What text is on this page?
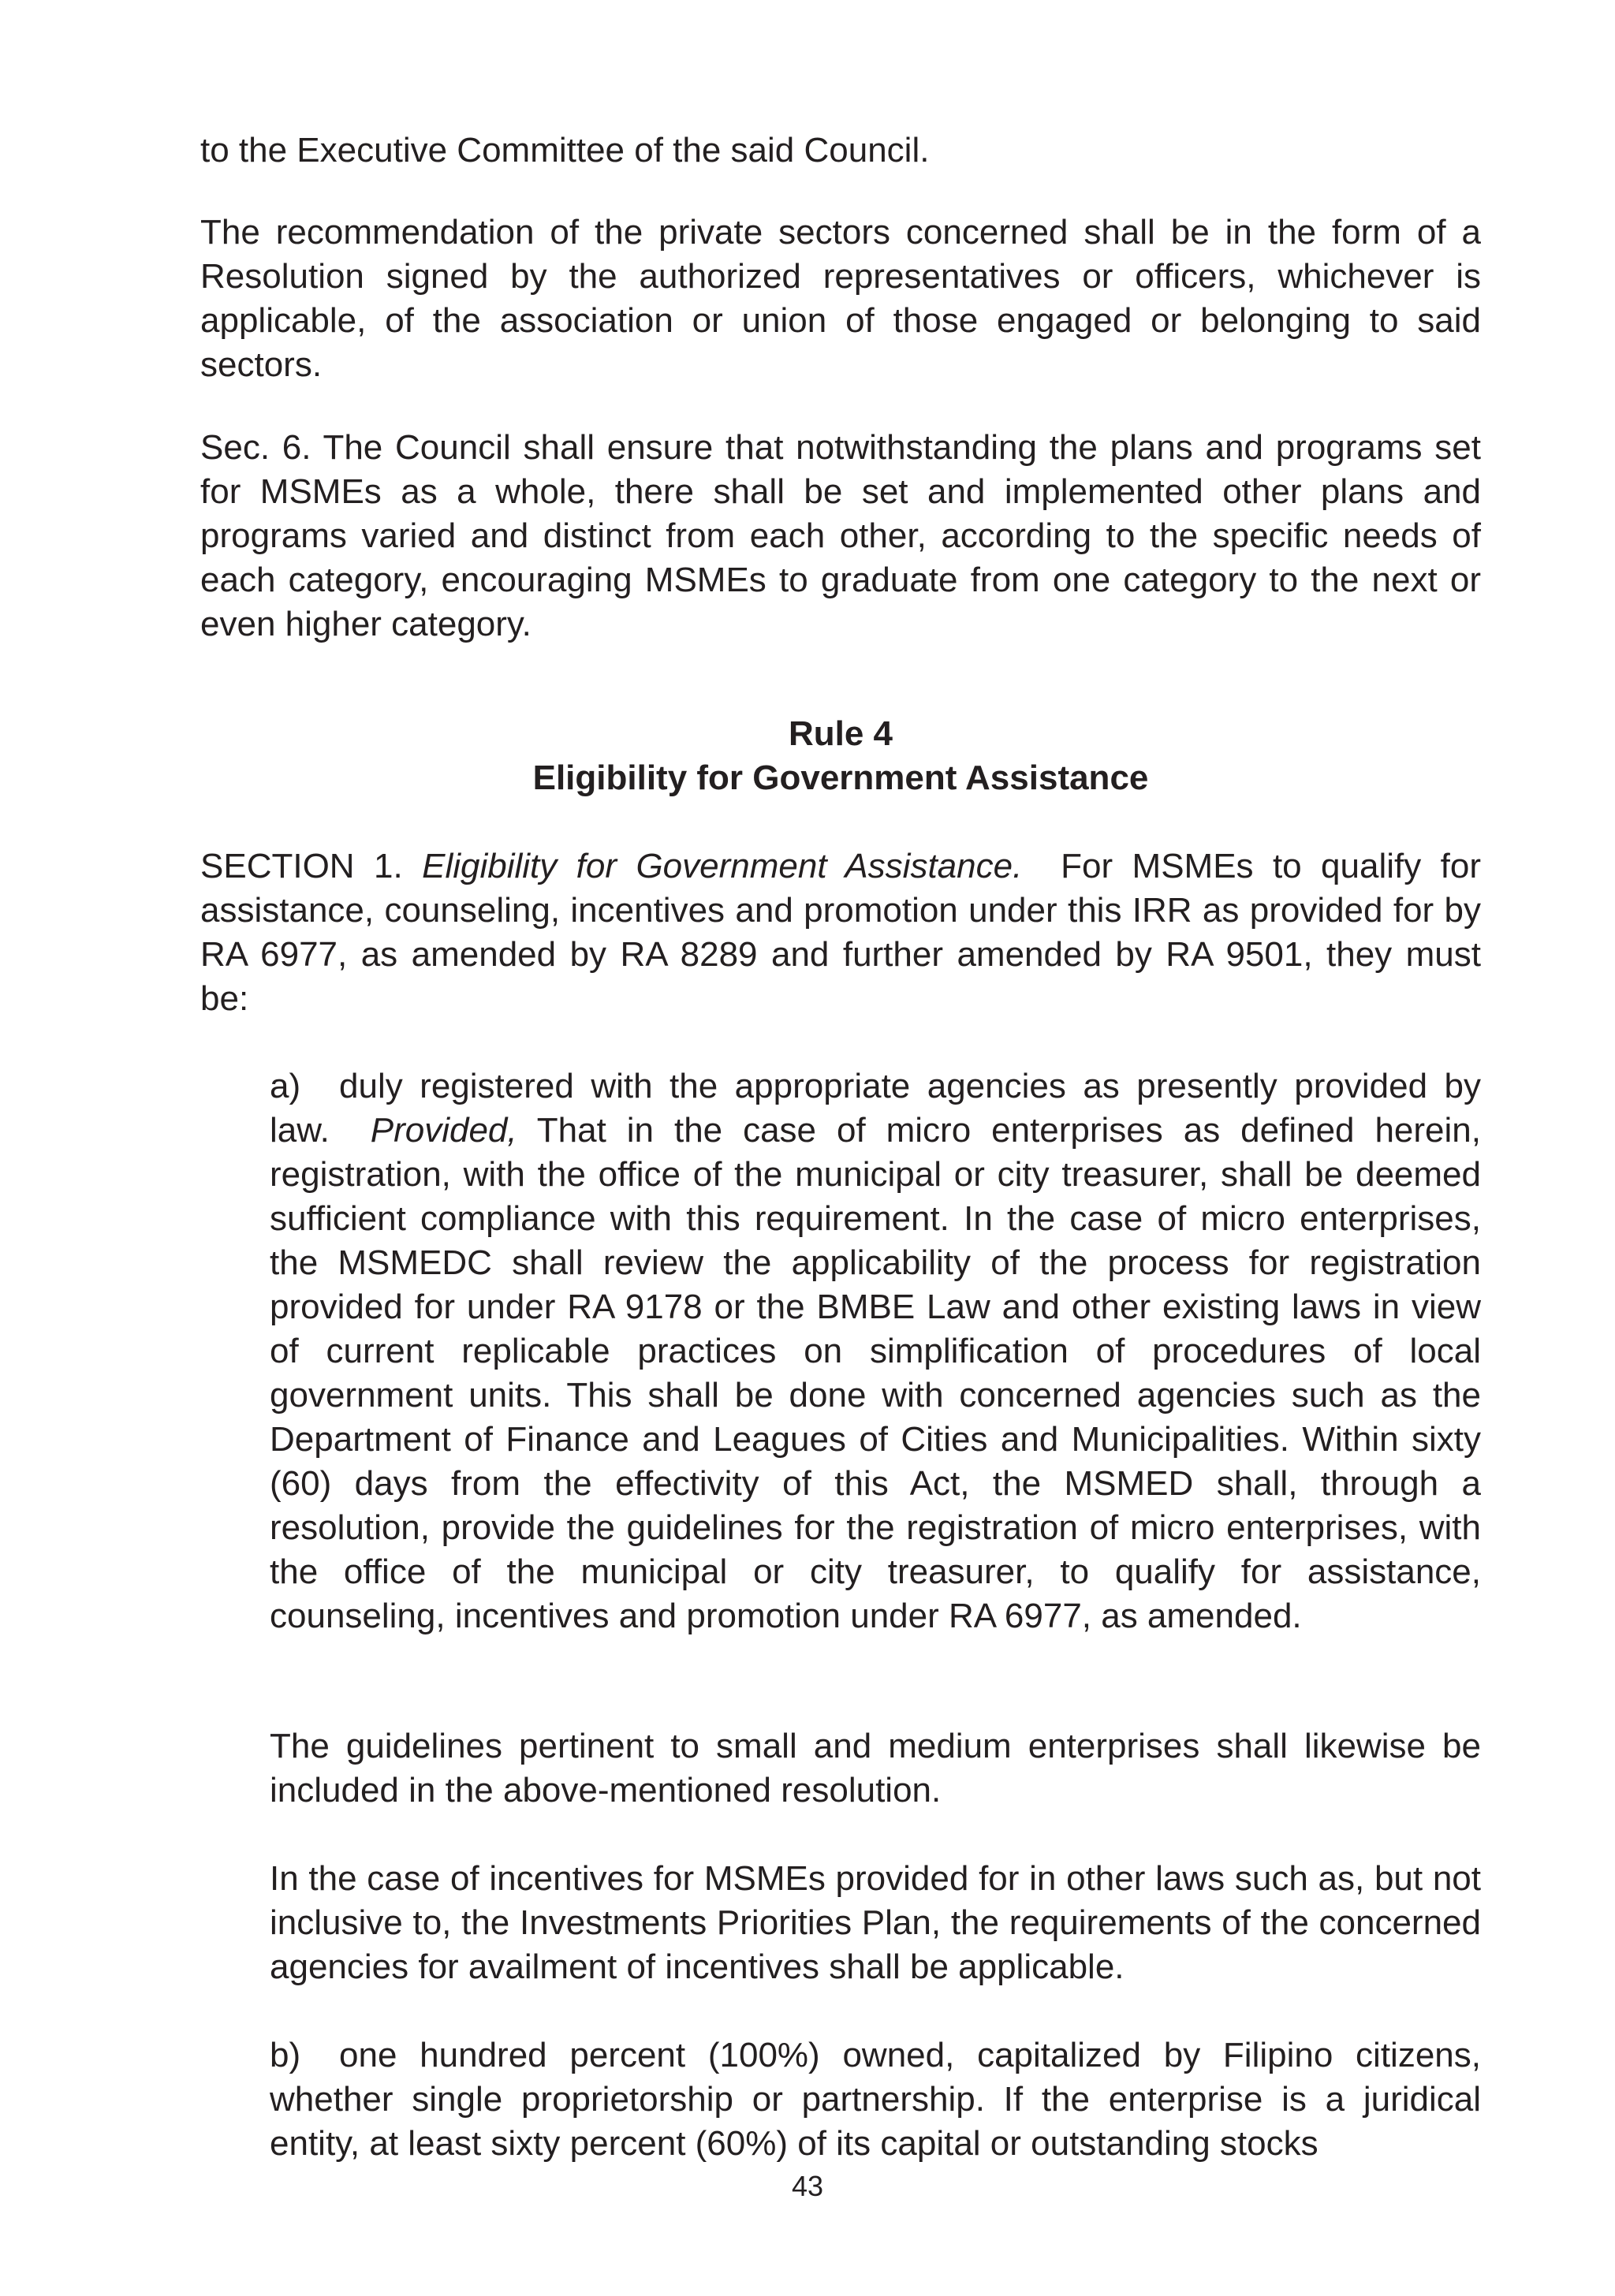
to the Executive Committee of the said Council.

The recommendation of the private sectors concerned shall be in the form of a Resolution signed by the authorized representatives or officers, whichever is applicable, of the association or union of those engaged or belonging to said sectors.

Sec. 6. The Council shall ensure that notwithstanding the plans and programs set for MSMEs as a whole, there shall be set and implemented other plans and programs varied and distinct from each other, according to the specific needs of each category, encouraging MSMEs to graduate from one category to the next or even higher category.

Rule 4

Eligibility for Government Assistance

SECTION 1. Eligibility for Government Assistance. For MSMEs to qualify for assistance, counseling, incentives and promotion under this IRR as provided for by RA 6977, as amended by RA 8289 and further amended by RA 9501, they must be:

a) duly registered with the appropriate agencies as presently provided by law. Provided, That in the case of micro enterprises as defined herein, registration, with the office of the municipal or city treasurer, shall be deemed sufficient compliance with this requirement. In the case of micro enterprises, the MSMEDC shall review the applicability of the process for registration provided for under RA 9178 or the BMBE Law and other existing laws in view of current replicable practices on simplification of procedures of local government units. This shall be done with concerned agencies such as the Department of Finance and Leagues of Cities and Municipalities. Within sixty (60) days from the effectivity of this Act, the MSMED shall, through a resolution, provide the guidelines for the registration of micro enterprises, with the office of the municipal or city treasurer, to qualify for assistance, counseling, incentives and promotion under RA 6977, as amended.

The guidelines pertinent to small and medium enterprises shall likewise be included in the above-mentioned resolution.

In the case of incentives for MSMEs provided for in other laws such as, but not inclusive to, the Investments Priorities Plan, the requirements of the concerned agencies for availment of incentives shall be applicable.

b) one hundred percent (100%) owned, capitalized by Filipino citizens, whether single proprietorship or partnership. If the enterprise is a juridical entity, at least sixty percent (60%) of its capital or outstanding stocks

43
